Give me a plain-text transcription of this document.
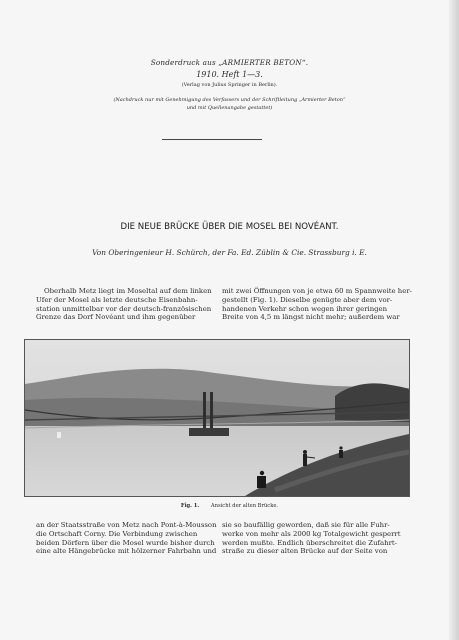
Sonderdruck aus „ARMIERTER BETON“.
1910. Heft 1—3.
(Verlag von Julius Springer in Berlin).
(Nachdruck nur mit Genehmigung des Verfassers und der Schriftleitung „Armierter Beton“
und mit Quellenangabe gestattet)
DIE NEUE BRÜCKE ÜBER DIE MOSEL BEI NOVÉANT.
Von Oberingenieur H. Schürch, der Fa. Ed. Züblin & Cie. Strassburg i. E.
Oberhalb Metz liegt im Moseltal auf dem linken
Ufer der Mosel als letzte deutsche Eisenbahn-
station unmittelbar vor der deutsch-französischen
Grenze das Dorf Novéant und ihm gegenüber
mit zwei Öffnungen von je etwa 60 m Spannweite her-
gestellt (Fig. 1). Dieselbe genügte aber dem vor-
handenen Verkehr schon wegen ihrer geringen
Breite von 4,5 m längst nicht mehr; außerdem war
Fig. 1. Ansicht der alten Brücke.
an der Staatsstraße von Metz nach Pont-à-Mousson
die Ortschaft Corny. Die Verbindung zwischen
beiden Dörfern über die Mosel wurde bisher durch
eine alte Hängebrücke mit hölzerner Fahrbahn und
sie so baufällig geworden, daß sie für alle Fuhr-
werke von mehr als 2000 kg Totalgewicht gesperrt
werden mußte. Endlich überschreitet die Zufahrt-
straße zu dieser alten Brücke auf der Seite von
